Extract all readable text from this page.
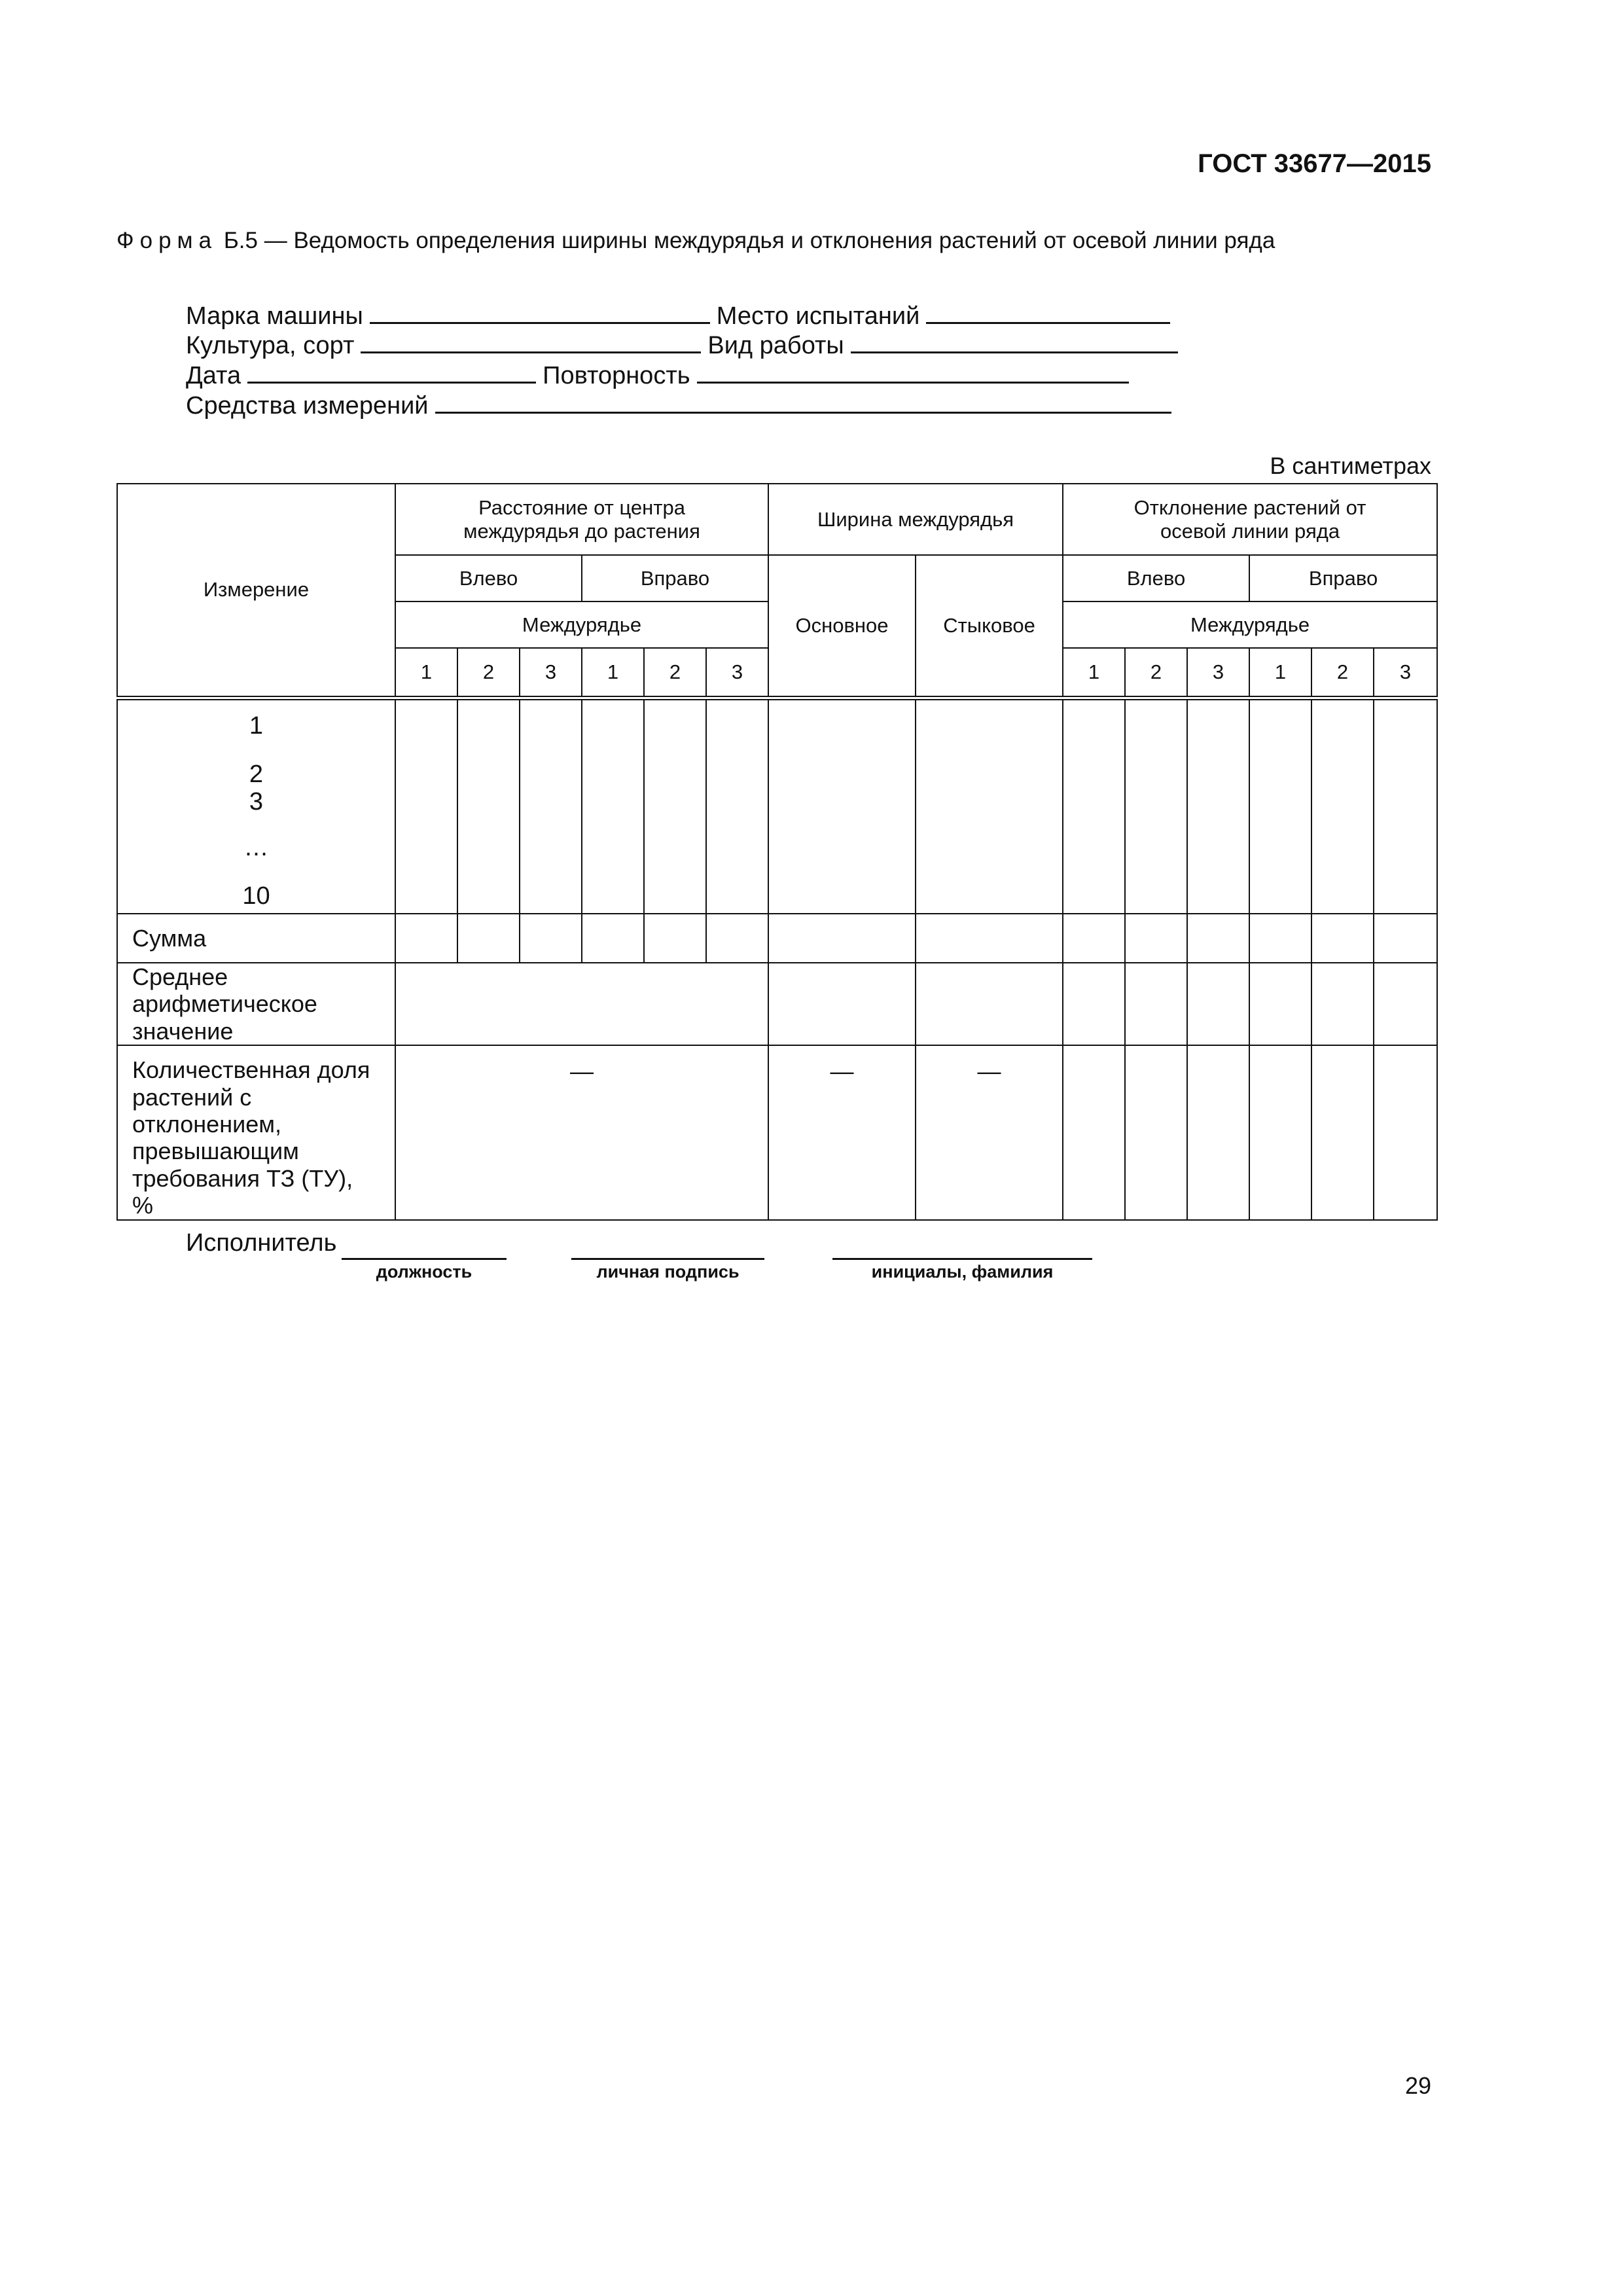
ГОСТ 33677—2015
Форма Б.5 — Ведомость определения ширины междурядья и отклонения растений от осевой линии ряда
Марка машины	Место испытаний
Культура, сорт	Вид работы
Дата	Повторность
Средства измерений
В сантиметрах
Измерение	Расстояние от центра междурядья до растения						Ширина междурядья		Отклонение растений от осевой линии ряда					
	Влево			Вправо			Основное	Стыковое	Влево			Вправо		
	Междурядье								Междурядье					
	1	2	3	1	2	3			1	2	3	1	2	3

1
2
3
…
10														

Сумма														
Среднее арифметическое значение														
Количественная доля растений с отклонением, превышающим требования ТЗ (ТУ), %	—						—	—						
Исполнитель
должность	личная подпись	инициалы, фамилия
29
